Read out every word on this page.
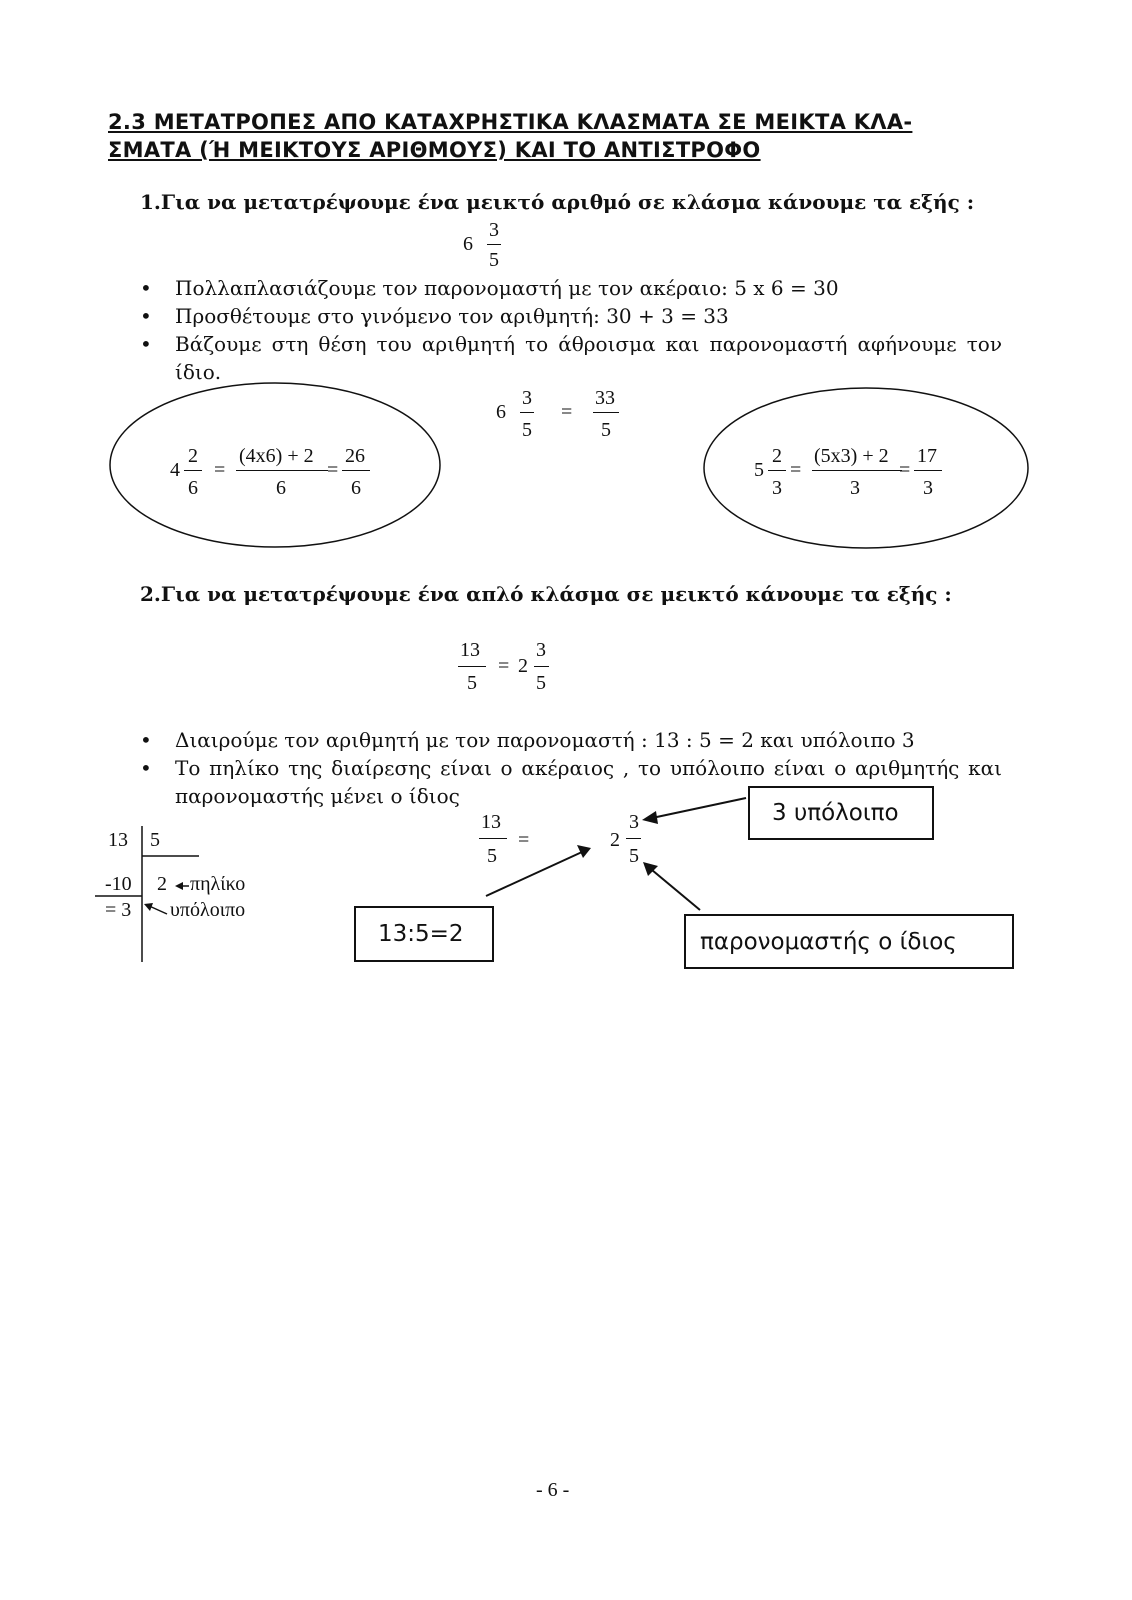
2.3 ΜΕΤΑΤΡΟΠΕΣ ΑΠΟ ΚΑΤΑΧΡΗΣΤΙΚΑ ΚΛΑΣΜΑΤΑ ΣΕ ΜΕΙΚΤΑ ΚΛΑ-
ΣΜΑΤΑ (Ή ΜΕΙΚΤΟΥΣ ΑΡΙΘΜΟΥΣ) ΚΑΙ ΤΟ ΑΝΤΙΣΤΡΟΦΟ
1.Για να μετατρέψουμε ένα μεικτό αριθμό σε κλάσμα κάνουμε τα εξής :
6
3
5
• Πολλαπλασιάζουμε τον παρονομαστή με τον ακέραιο: 5 x 6 = 30
• Προσθέτουμε στο γινόμενο τον αριθμητή: 30 + 3 = 33
• Βάζουμε στη θέση του αριθμητή το άθροισμα και παρονομαστή αφήνουμε τον ίδιο.
6
3
5
=
33
5
4
2
6
=
(4x6) + 2
6
=
26
6
5
2
3
=
(5x3) + 2
3
=
17
3
2.Για να μετατρέψουμε ένα απλό κλάσμα σε μεικτό κάνουμε τα εξής :
13
5
= 2
3
5
• Διαιρούμε τον αριθμητή με τον παρονομαστή : 13 : 5 = 2 και υπόλοιπο 3
• Το πηλίκο της διαίρεσης είναι ο ακέραιος , το υπόλοιπο είναι ο αριθμητής και παρονομαστής μένει ο ίδιος
13 5
-10 2 πηλίκο
= 3 υπόλοιπο
13
5
=	2
3
5
3 υπόλοιπο
13:5=2	παρονομαστής ο ίδιος
- 6 -
